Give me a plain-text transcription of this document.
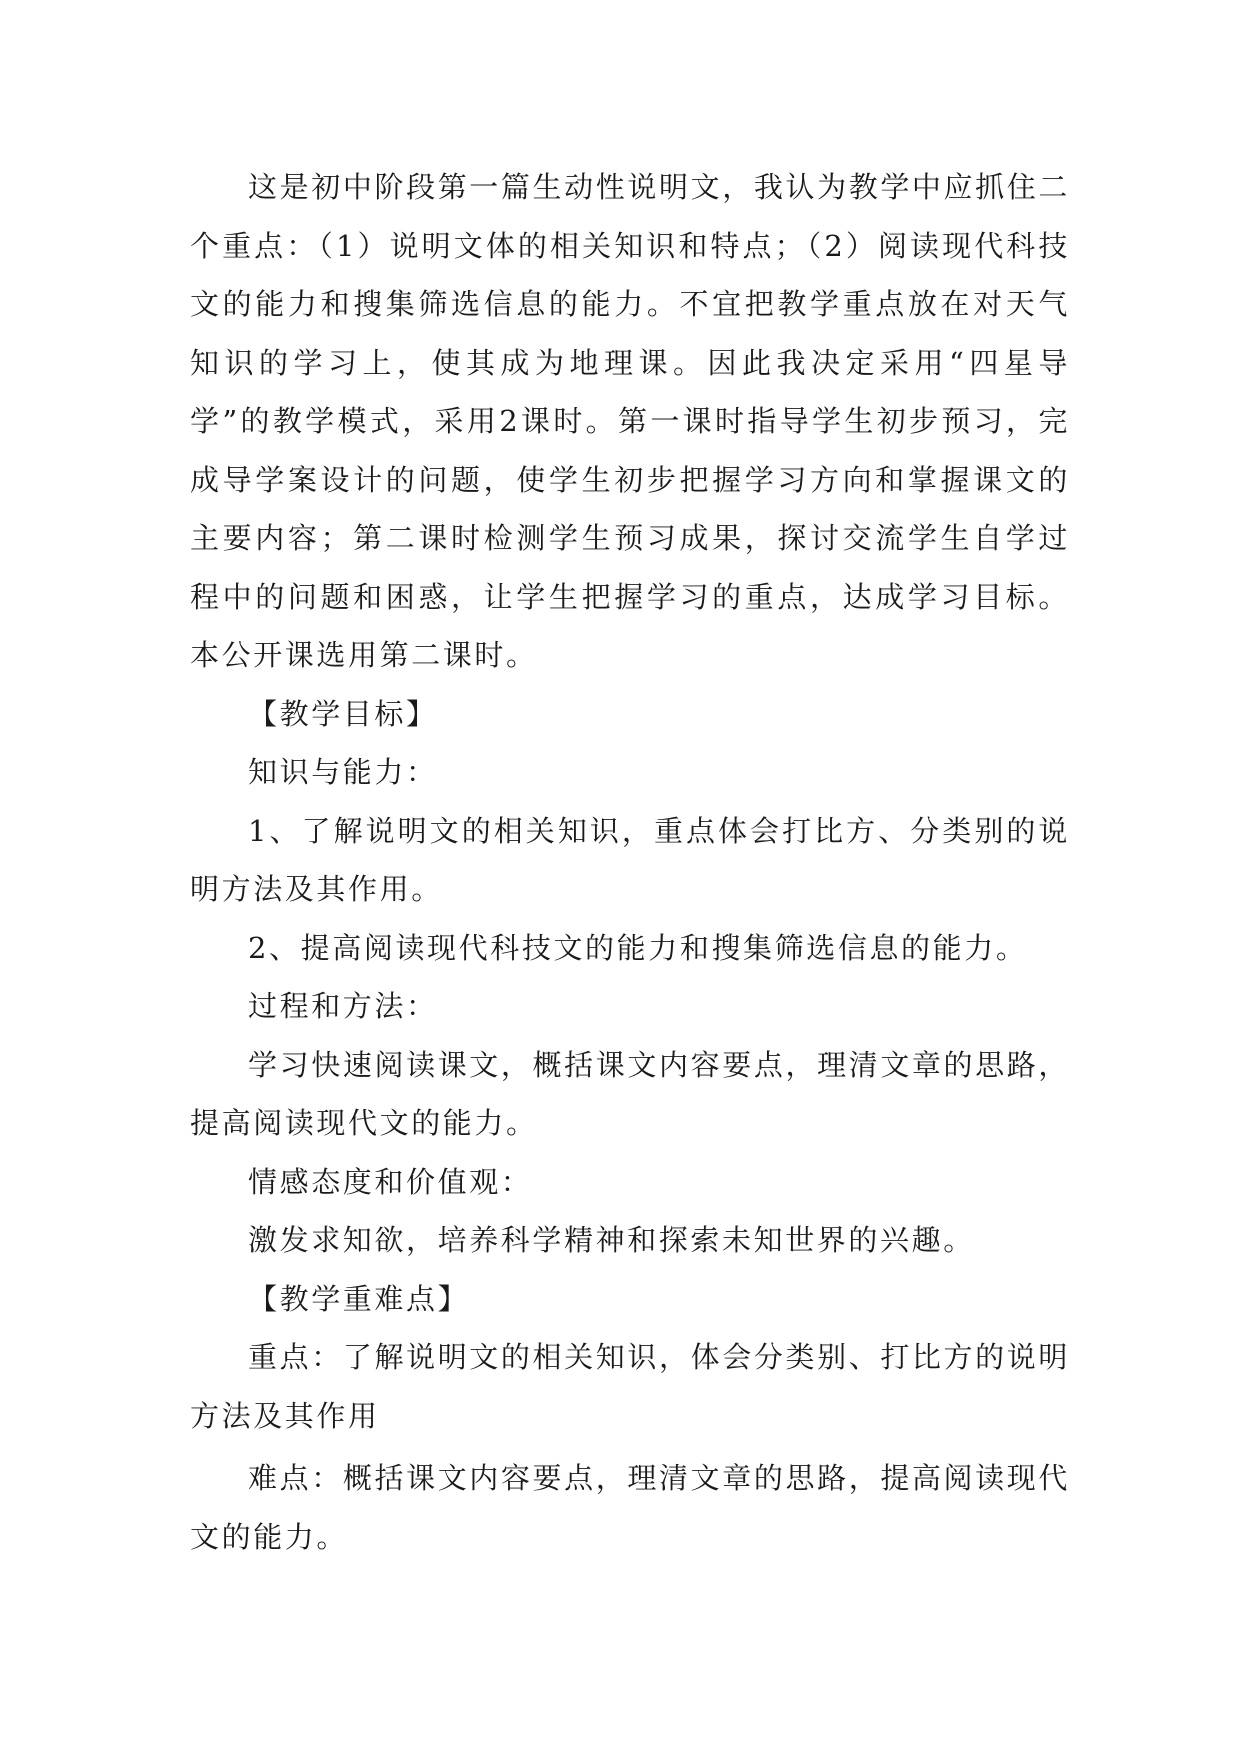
这是初中阶段第一篇生动性说明文，我认为教学中应抓住二个重点：（1）说明文体的相关知识和特点；（2）阅读现代科技文的能力和搜集筛选信息的能力。不宜把教学重点放在对天气知识的学习上，使其成为地理课。因此我决定采用“四星导学”的教学模式，采用2课时。第一课时指导学生初步预习，完成导学案设计的问题，使学生初步把握学习方向和掌握课文的主要内容；第二课时检测学生预习成果，探讨交流学生自学过程中的问题和困惑，让学生把握学习的重点，达成学习目标。本公开课选用第二课时。

【教学目标】

知识与能力：

1、了解说明文的相关知识，重点体会打比方、分类别的说明方法及其作用。

2、提高阅读现代科技文的能力和搜集筛选信息的能力。

过程和方法：

学习快速阅读课文，概括课文内容要点，理清文章的思路，提高阅读现代文的能力。

情感态度和价值观：

激发求知欲，培养科学精神和探索未知世界的兴趣。

【教学重难点】

重点：了解说明文的相关知识，体会分类别、打比方的说明方法及其作用

难点：概括课文内容要点，理清文章的思路，提高阅读现代文的能力。
